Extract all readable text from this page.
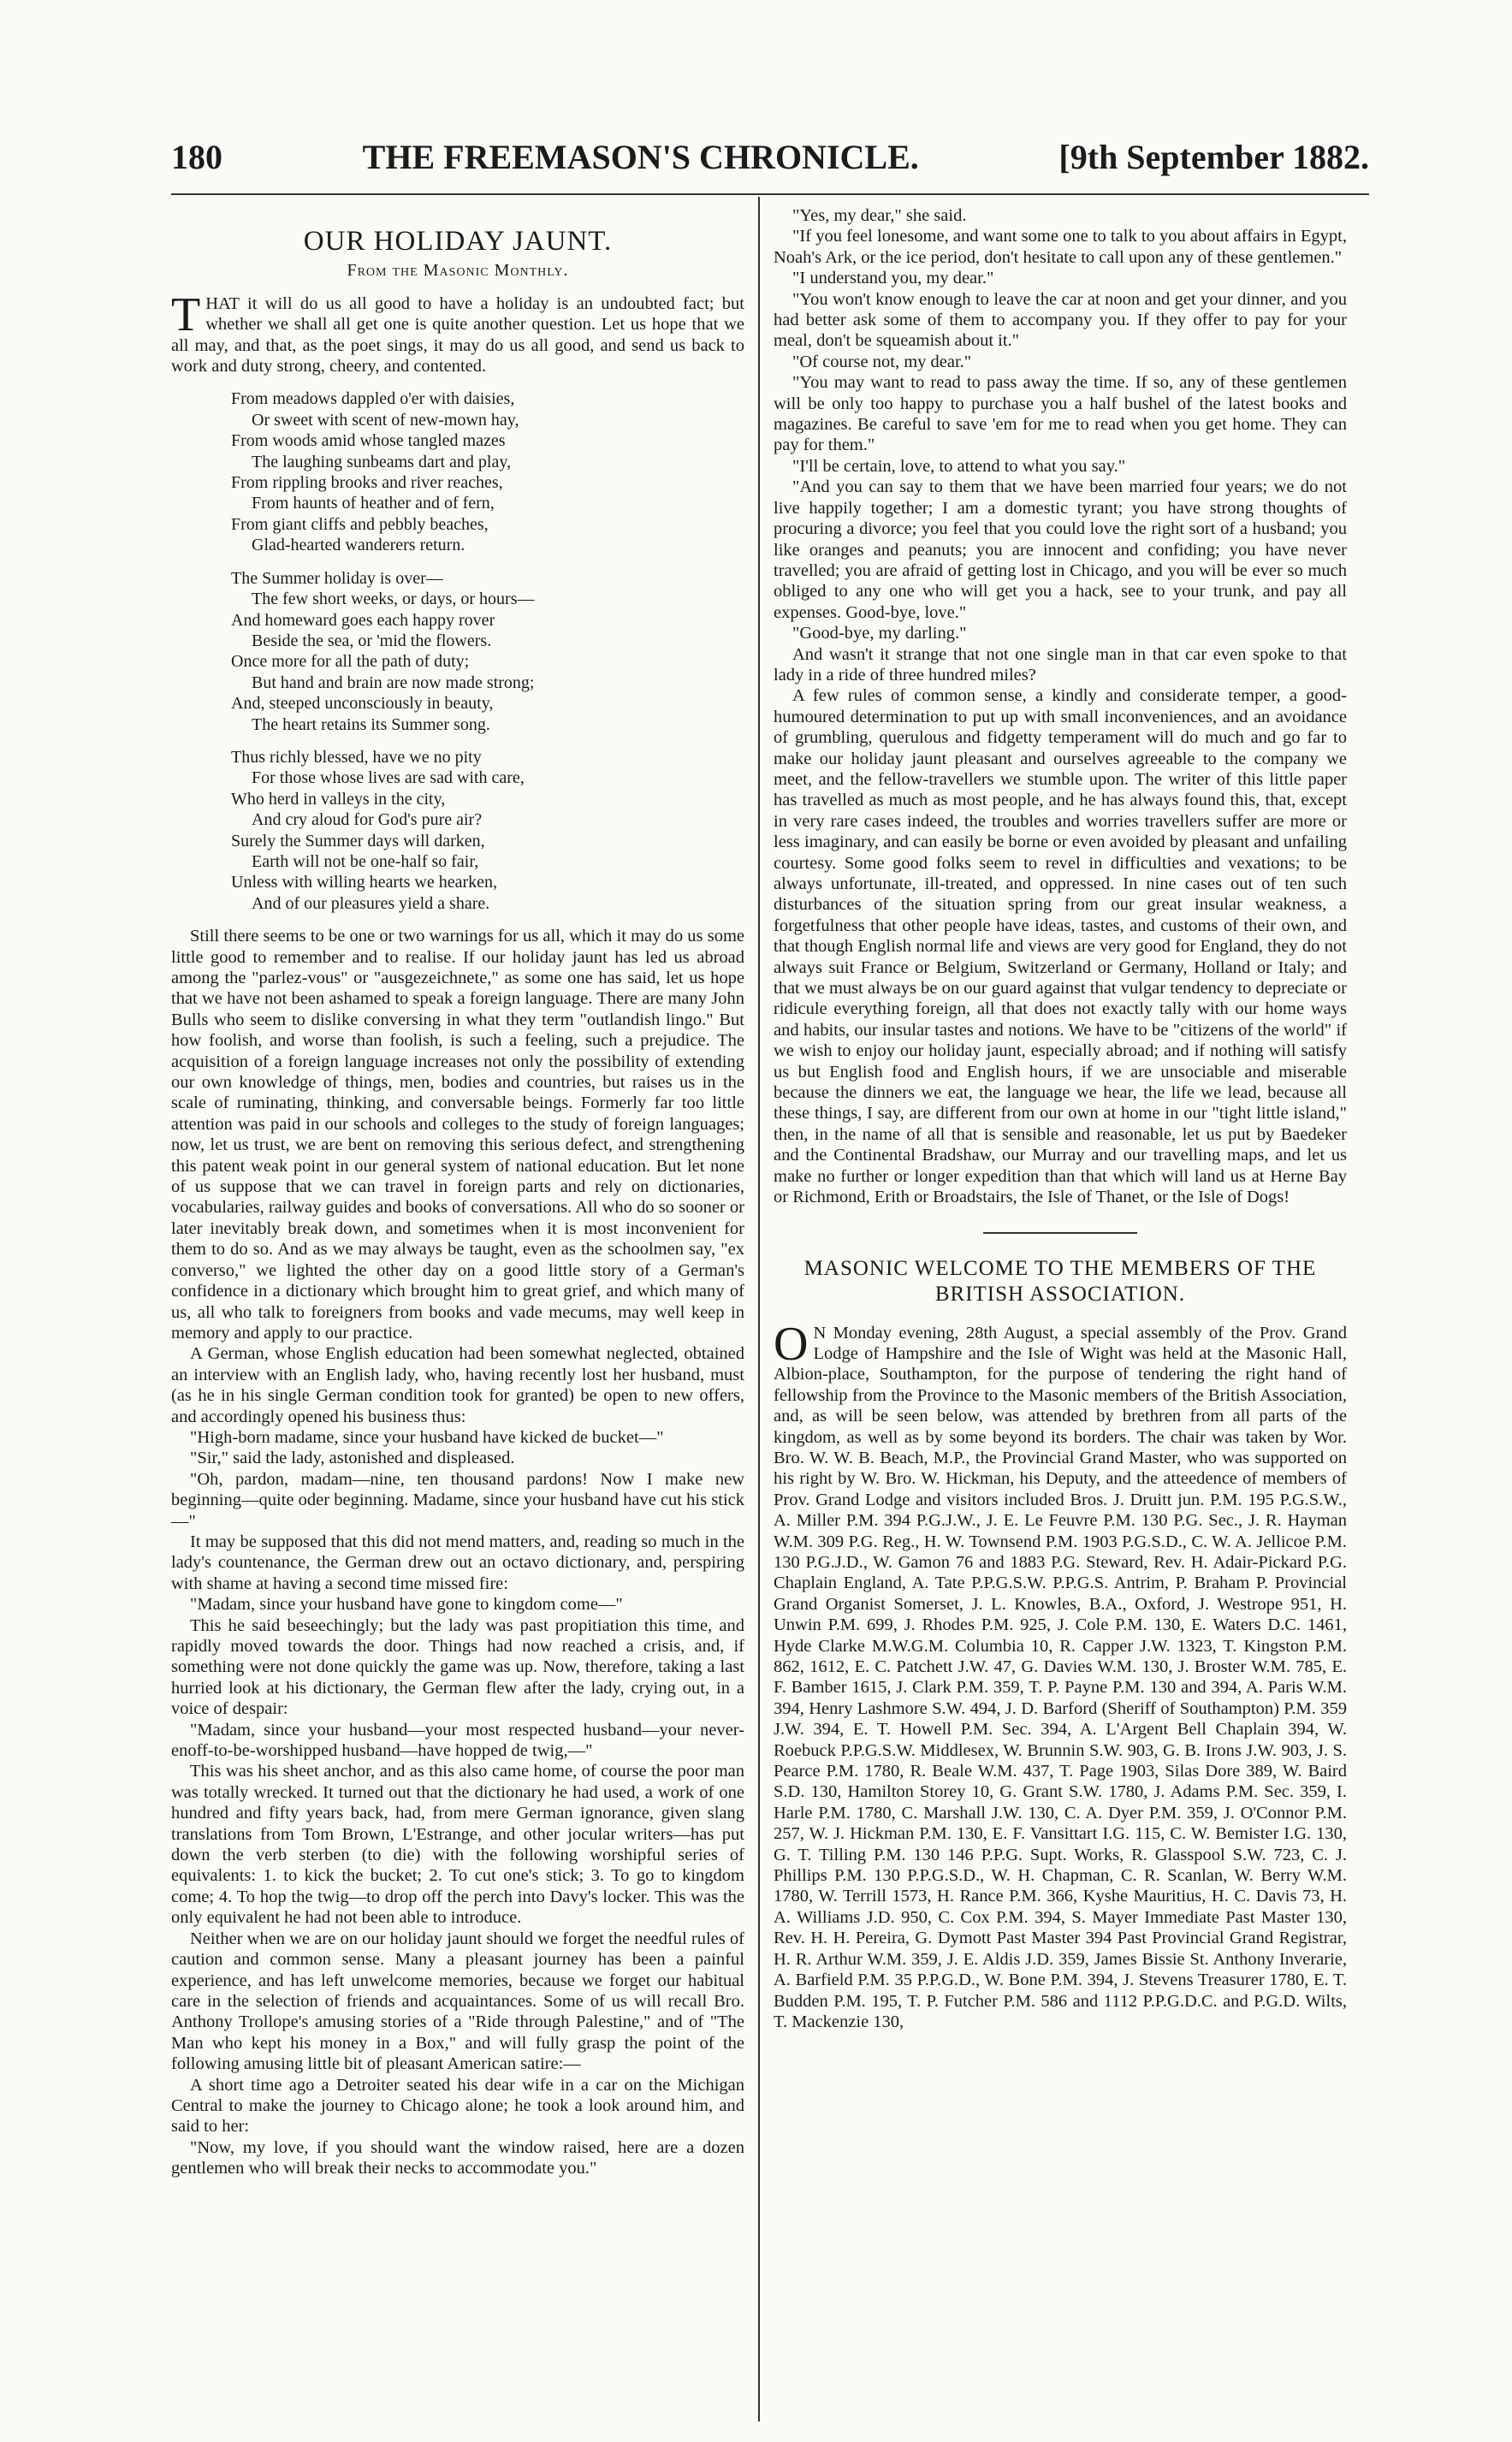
180	THE FREEMASON'S CHRONICLE.	[9th September 1882.
OUR HOLIDAY JAUNT.
From the Masonic Monthly.

THAT it will do us all good to have a holiday is an undoubted fact; but whether we shall all get one is quite another question. Let us hope that we all may, and that, as the poet sings, it may do us all good, and send us back to work and duty strong, cheery, and contented.

From meadows dappled o'er with daisies,
Or sweet with scent of new-mown hay,
From woods amid whose tangled mazes
The laughing sunbeams dart and play,
From rippling brooks and river reaches,
From haunts of heather and of fern,
From giant cliffs and pebbly beaches,
Glad-hearted wanderers return.
The Summer holiday is over—
The few short weeks, or days, or hours—
And homeward goes each happy rover
Beside the sea, or 'mid the flowers.
Once more for all the path of duty;
But hand and brain are now made strong;
And, steeped unconsciously in beauty,
The heart retains its Summer song.
Thus richly blessed, have we no pity
For those whose lives are sad with care,
Who herd in valleys in the city,
And cry aloud for God's pure air?
Surely the Summer days will darken,
Earth will not be one-half so fair,
Unless with willing hearts we hearken,
And of our pleasures yield a share.

Still there seems to be one or two warnings for us all, which it may do us some little good to remember and to realise. If our holiday jaunt has led us abroad among the "parlez-vous" or "ausgezeichnete," as some one has said, let us hope that we have not been ashamed to speak a foreign language. There are many John Bulls who seem to dislike conversing in what they term "outlandish lingo." But how foolish, and worse than foolish, is such a feeling, such a prejudice. The acquisition of a foreign language increases not only the possibility of extending our own knowledge of things, men, bodies and countries, but raises us in the scale of ruminating, thinking, and conversable beings. Formerly far too little attention was paid in our schools and colleges to the study of foreign languages; now, let us trust, we are bent on removing this serious defect, and strengthening this patent weak point in our general system of national education. But let none of us suppose that we can travel in foreign parts and rely on dictionaries, vocabularies, railway guides and books of conversations. All who do so sooner or later inevitably break down, and sometimes when it is most inconvenient for them to do so. And as we may always be taught, even as the schoolmen say, "ex converso," we lighted the other day on a good little story of a German's confidence in a dictionary which brought him to great grief, and which many of us, all who talk to foreigners from books and vade mecums, may well keep in memory and apply to our practice.

A German, whose English education had been somewhat neglected, obtained an interview with an English lady, who, having recently lost her husband, must (as he in his single German condition took for granted) be open to new offers, and accordingly opened his business thus:

"High-born madame, since your husband have kicked de bucket—"

"Sir," said the lady, astonished and displeased.

"Oh, pardon, madam—nine, ten thousand pardons! Now I make new beginning—quite oder beginning. Madame, since your husband have cut his stick—"

It may be supposed that this did not mend matters, and, reading so much in the lady's countenance, the German drew out an octavo dictionary, and, perspiring with shame at having a second time missed fire:

"Madam, since your husband have gone to kingdom come—"

This he said beseechingly; but the lady was past propitiation this time, and rapidly moved towards the door. Things had now reached a crisis, and, if something were not done quickly the game was up. Now, therefore, taking a last hurried look at his dictionary, the German flew after the lady, crying out, in a voice of despair:

"Madam, since your husband—your most respected husband—your never-enoff-to-be-worshipped husband—have hopped de twig,—"

This was his sheet anchor, and as this also came home, of course the poor man was totally wrecked. It turned out that the dictionary he had used, a work of one hundred and fifty years back, had, from mere German ignorance, given slang translations from Tom Brown, L'Estrange, and other jocular writers—has put down the verb sterben (to die) with the following worshipful series of equivalents: 1. to kick the bucket; 2. To cut one's stick; 3. To go to kingdom come; 4. To hop the twig—to drop off the perch into Davy's locker. This was the only equivalent he had not been able to introduce.

Neither when we are on our holiday jaunt should we forget the needful rules of caution and common sense. Many a pleasant journey has been a painful experience, and has left unwelcome memories, because we forget our habitual care in the selection of friends and acquaintances. Some of us will recall Bro. Anthony Trollope's amusing stories of a "Ride through Palestine," and of "The Man who kept his money in a Box," and will fully grasp the point of the following amusing little bit of pleasant American satire:—

A short time ago a Detroiter seated his dear wife in a car on the Michigan Central to make the journey to Chicago alone; he took a look around him, and said to her:

"Now, my love, if you should want the window raised, here are a dozen gentlemen who will break their necks to accommodate you."

"Yes, my dear," she said.

"If you feel lonesome, and want some one to talk to you about affairs in Egypt, Noah's Ark, or the ice period, don't hesitate to call upon any of these gentlemen."

"I understand you, my dear."

"You won't know enough to leave the car at noon and get your dinner, and you had better ask some of them to accompany you. If they offer to pay for your meal, don't be squeamish about it."

"Of course not, my dear."

"You may want to read to pass away the time. If so, any of these gentlemen will be only too happy to purchase you a half bushel of the latest books and magazines. Be careful to save 'em for me to read when you get home. They can pay for them."

"I'll be certain, love, to attend to what you say."

"And you can say to them that we have been married four years; we do not live happily together; I am a domestic tyrant; you have strong thoughts of procuring a divorce; you feel that you could love the right sort of a husband; you like oranges and peanuts; you are innocent and confiding; you have never travelled; you are afraid of getting lost in Chicago, and you will be ever so much obliged to any one who will get you a hack, see to your trunk, and pay all expenses. Good-bye, love."

"Good-bye, my darling."

And wasn't it strange that not one single man in that car even spoke to that lady in a ride of three hundred miles?

A few rules of common sense, a kindly and considerate temper, a good-humoured determination to put up with small inconveniences, and an avoidance of grumbling, querulous and fidgetty temperament will do much and go far to make our holiday jaunt pleasant and ourselves agreeable to the company we meet, and the fellow-travellers we stumble upon. The writer of this little paper has travelled as much as most people, and he has always found this, that, except in very rare cases indeed, the troubles and worries travellers suffer are more or less imaginary, and can easily be borne or even avoided by pleasant and unfailing courtesy. Some good folks seem to revel in difficulties and vexations; to be always unfortunate, ill-treated, and oppressed. In nine cases out of ten such disturbances of the situation spring from our great insular weakness, a forgetfulness that other people have ideas, tastes, and customs of their own, and that though English normal life and views are very good for England, they do not always suit France or Belgium, Switzerland or Germany, Holland or Italy; and that we must always be on our guard against that vulgar tendency to depreciate or ridicule everything foreign, all that does not exactly tally with our home ways and habits, our insular tastes and notions. We have to be "citizens of the world" if we wish to enjoy our holiday jaunt, especially abroad; and if nothing will satisfy us but English food and English hours, if we are unsociable and miserable because the dinners we eat, the language we hear, the life we lead, because all these things, I say, are different from our own at home in our "tight little island," then, in the name of all that is sensible and reasonable, let us put by Baedeker and the Continental Bradshaw, our Murray and our travelling maps, and let us make no further or longer expedition than that which will land us at Herne Bay or Richmond, Erith or Broadstairs, the Isle of Thanet, or the Isle of Dogs!

MASONIC WELCOME TO THE MEMBERS OF THE BRITISH ASSOCIATION.

O N Monday evening, 28th August, a special assembly of the Prov. Grand Lodge of Hampshire and the Isle of Wight was held at the Masonic Hall, Albion-place, Southampton, for the purpose of tendering the right hand of fellowship from the Province to the Masonic members of the British Association, and, as will be seen below, was attended by brethren from all parts of the kingdom, as well as by some beyond its borders. The chair was taken by Wor. Bro. W. W. B. Beach, M.P., the Provincial Grand Master, who was supported on his right by W. Bro. W. Hickman, his Deputy, and the atteedence of members of Prov. Grand Lodge and visitors included Bros. J. Druitt jun. P.M. 195 P.G.S.W., A. Miller P.M. 394 P.G.J.W., J. E. Le Feuvre P.M. 130 P.G. Sec., J. R. Hayman W.M. 309 P.G. Reg., H. W. Townsend P.M. 1903 P.G.S.D., C. W. A. Jellicoe P.M. 130 P.G.J.D., W. Gamon 76 and 1883 P.G. Steward, Rev. H. Adair-Pickard P.G. Chaplain England, A. Tate P.P.G.S.W. P.P.G.S. Antrim, P. Braham P. Provincial Grand Organist Somerset, J. L. Knowles, B.A., Oxford, J. Westrope 951, H. Unwin P.M. 699, J. Rhodes P.M. 925, J. Cole P.M. 130, E. Waters D.C. 1461, Hyde Clarke M.W.G.M. Columbia 10, R. Capper J.W. 1323, T. Kingston P.M. 862, 1612, E. C. Patchett J.W. 47, G. Davies W.M. 130, J. Broster W.M. 785, E. F. Bamber 1615, J. Clark P.M. 359, T. P. Payne P.M. 130 and 394, A. Paris W.M. 394, Henry Lashmore S.W. 494, J. D. Barford (Sheriff of Southampton) P.M. 359 J.W. 394, E. T. Howell P.M. Sec. 394, A. L'Argent Bell Chaplain 394, W. Roebuck P.P.G.S.W. Middlesex, W. Brunnin S.W. 903, G. B. Irons J.W. 903, J. S. Pearce P.M. 1780, R. Beale W.M. 437, T. Page 1903, Silas Dore 389, W. Baird S.D. 130, Hamilton Storey 10, G. Grant S.W. 1780, J. Adams P.M. Sec. 359, I. Harle P.M. 1780, C. Marshall J.W. 130, C. A. Dyer P.M. 359, J. O'Connor P.M. 257, W. J. Hickman P.M. 130, E. F. Vansittart I.G. 115, C. W. Bemister I.G. 130, G. T. Tilling P.M. 130 146 P.P.G. Supt. Works, R. Glasspool S.W. 723, C. J. Phillips P.M. 130 P.P.G.S.D., W. H. Chapman, C. R. Scanlan, W. Berry W.M. 1780, W. Terrill 1573, H. Rance P.M. 366, Kyshe Mauritius, H. C. Davis 73, H. A. Williams J.D. 950, C. Cox P.M. 394, S. Mayer Immediate Past Master 130, Rev. H. H. Pereira, G. Dymott Past Master 394 Past Provincial Grand Registrar, H. R. Arthur W.M. 359, J. E. Aldis J.D. 359, James Bissie St. Anthony Inverarie, A. Barfield P.M. 35 P.P.G.D., W. Bone P.M. 394, J. Stevens Treasurer 1780, E. T. Budden P.M. 195, T. P. Futcher P.M. 586 and 1112 P.P.G.D.C. and P.G.D. Wilts, T. Mackenzie 130,
